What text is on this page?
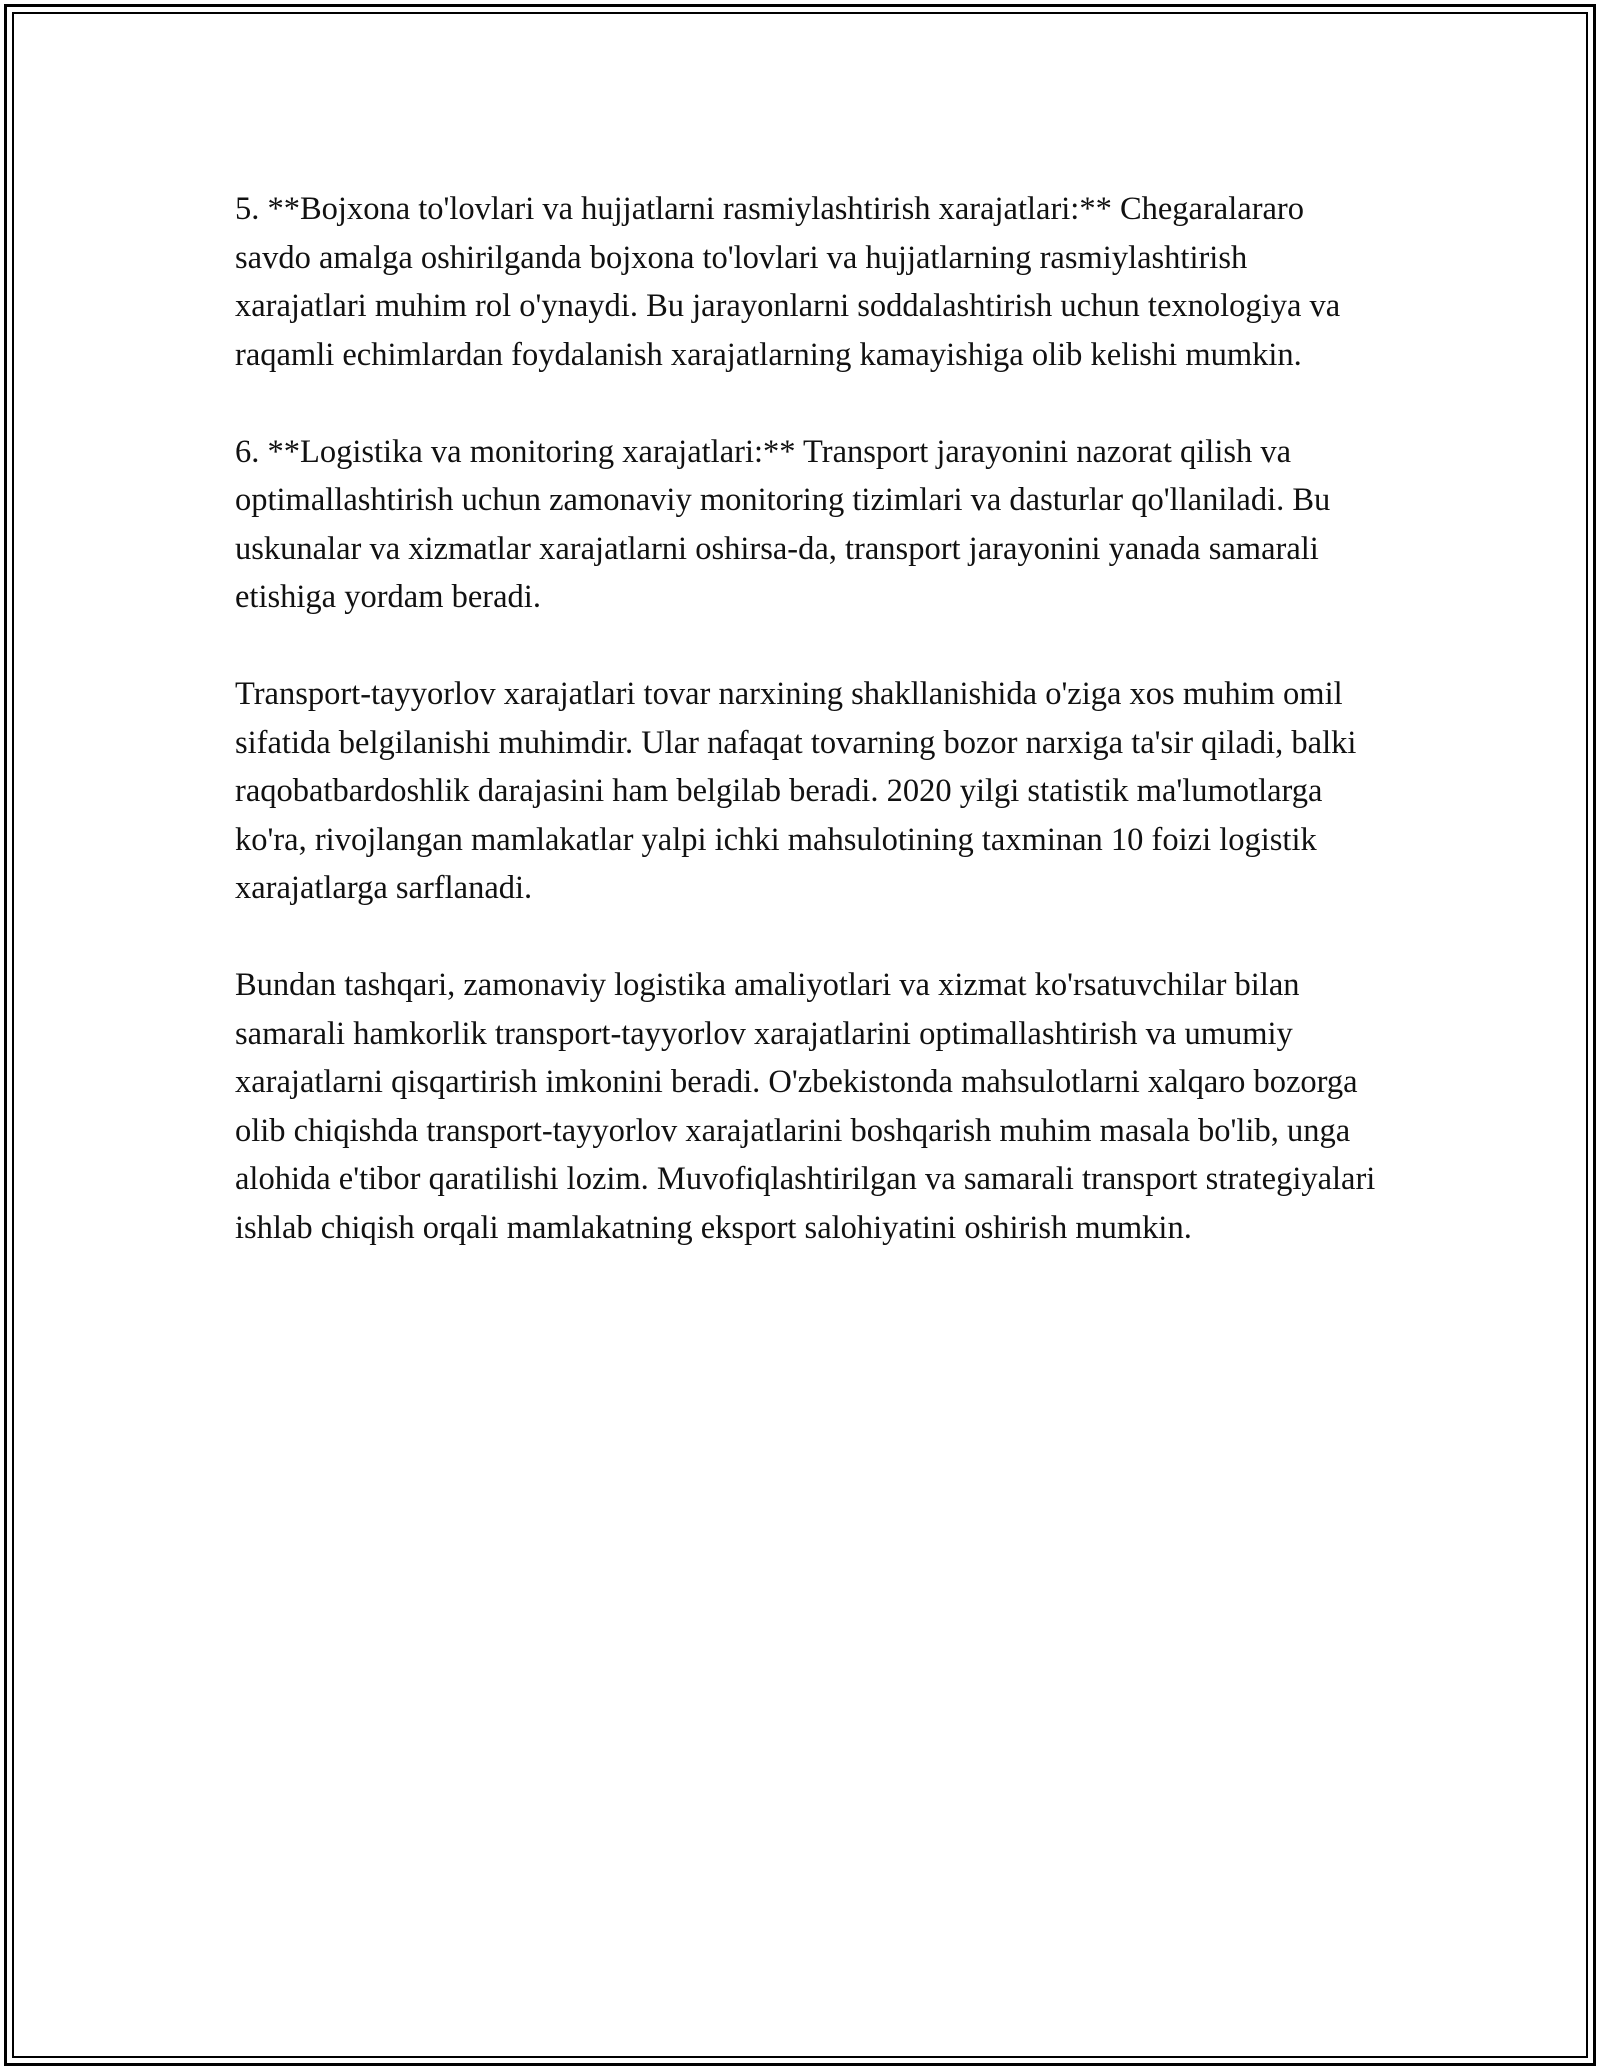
5. **Bojxona to'lovlari va hujjatlarni rasmiylashtirish xarajatlari:** Chegaralararo savdo amalga oshirilganda bojxona to'lovlari va hujjatlarning rasmiylashtirish xarajatlari muhim rol o'ynaydi. Bu jarayonlarni soddalashtirish uchun texnologiya va raqamli echimlardan foydalanish xarajatlarning kamayishiga olib kelishi mumkin.

6. **Logistika va monitoring xarajatlari:** Transport jarayonini nazorat qilish va optimallashtirish uchun zamonaviy monitoring tizimlari va dasturlar qo'llaniladi. Bu uskunalar va xizmatlar xarajatlarni oshirsa-da, transport jarayonini yanada samarali etishiga yordam beradi.

Transport-tayyorlov xarajatlari tovar narxining shakllanishida o'ziga xos muhim omil sifatida belgilanishi muhimdir. Ular nafaqat tovarning bozor narxiga ta'sir qiladi, balki raqobatbardoshlik darajasini ham belgilab beradi. 2020 yilgi statistik ma'lumotlarga ko'ra, rivojlangan mamlakatlar yalpi ichki mahsulotining taxminan 10 foizi logistik xarajatlarga sarflanadi.

Bundan tashqari, zamonaviy logistika amaliyotlari va xizmat ko'rsatuvchilar bilan samarali hamkorlik transport-tayyorlov xarajatlarini optimallashtirish va umumiy xarajatlarni qisqartirish imkonini beradi. O'zbekistonda mahsulotlarni xalqaro bozorga olib chiqishda transport-tayyorlov xarajatlarini boshqarish muhim masala bo'lib, unga alohida e'tibor qaratilishi lozim. Muvofiqlashtirilgan va samarali transport strategiyalari ishlab chiqish orqali mamlakatning eksport salohiyatini oshirish mumkin.
